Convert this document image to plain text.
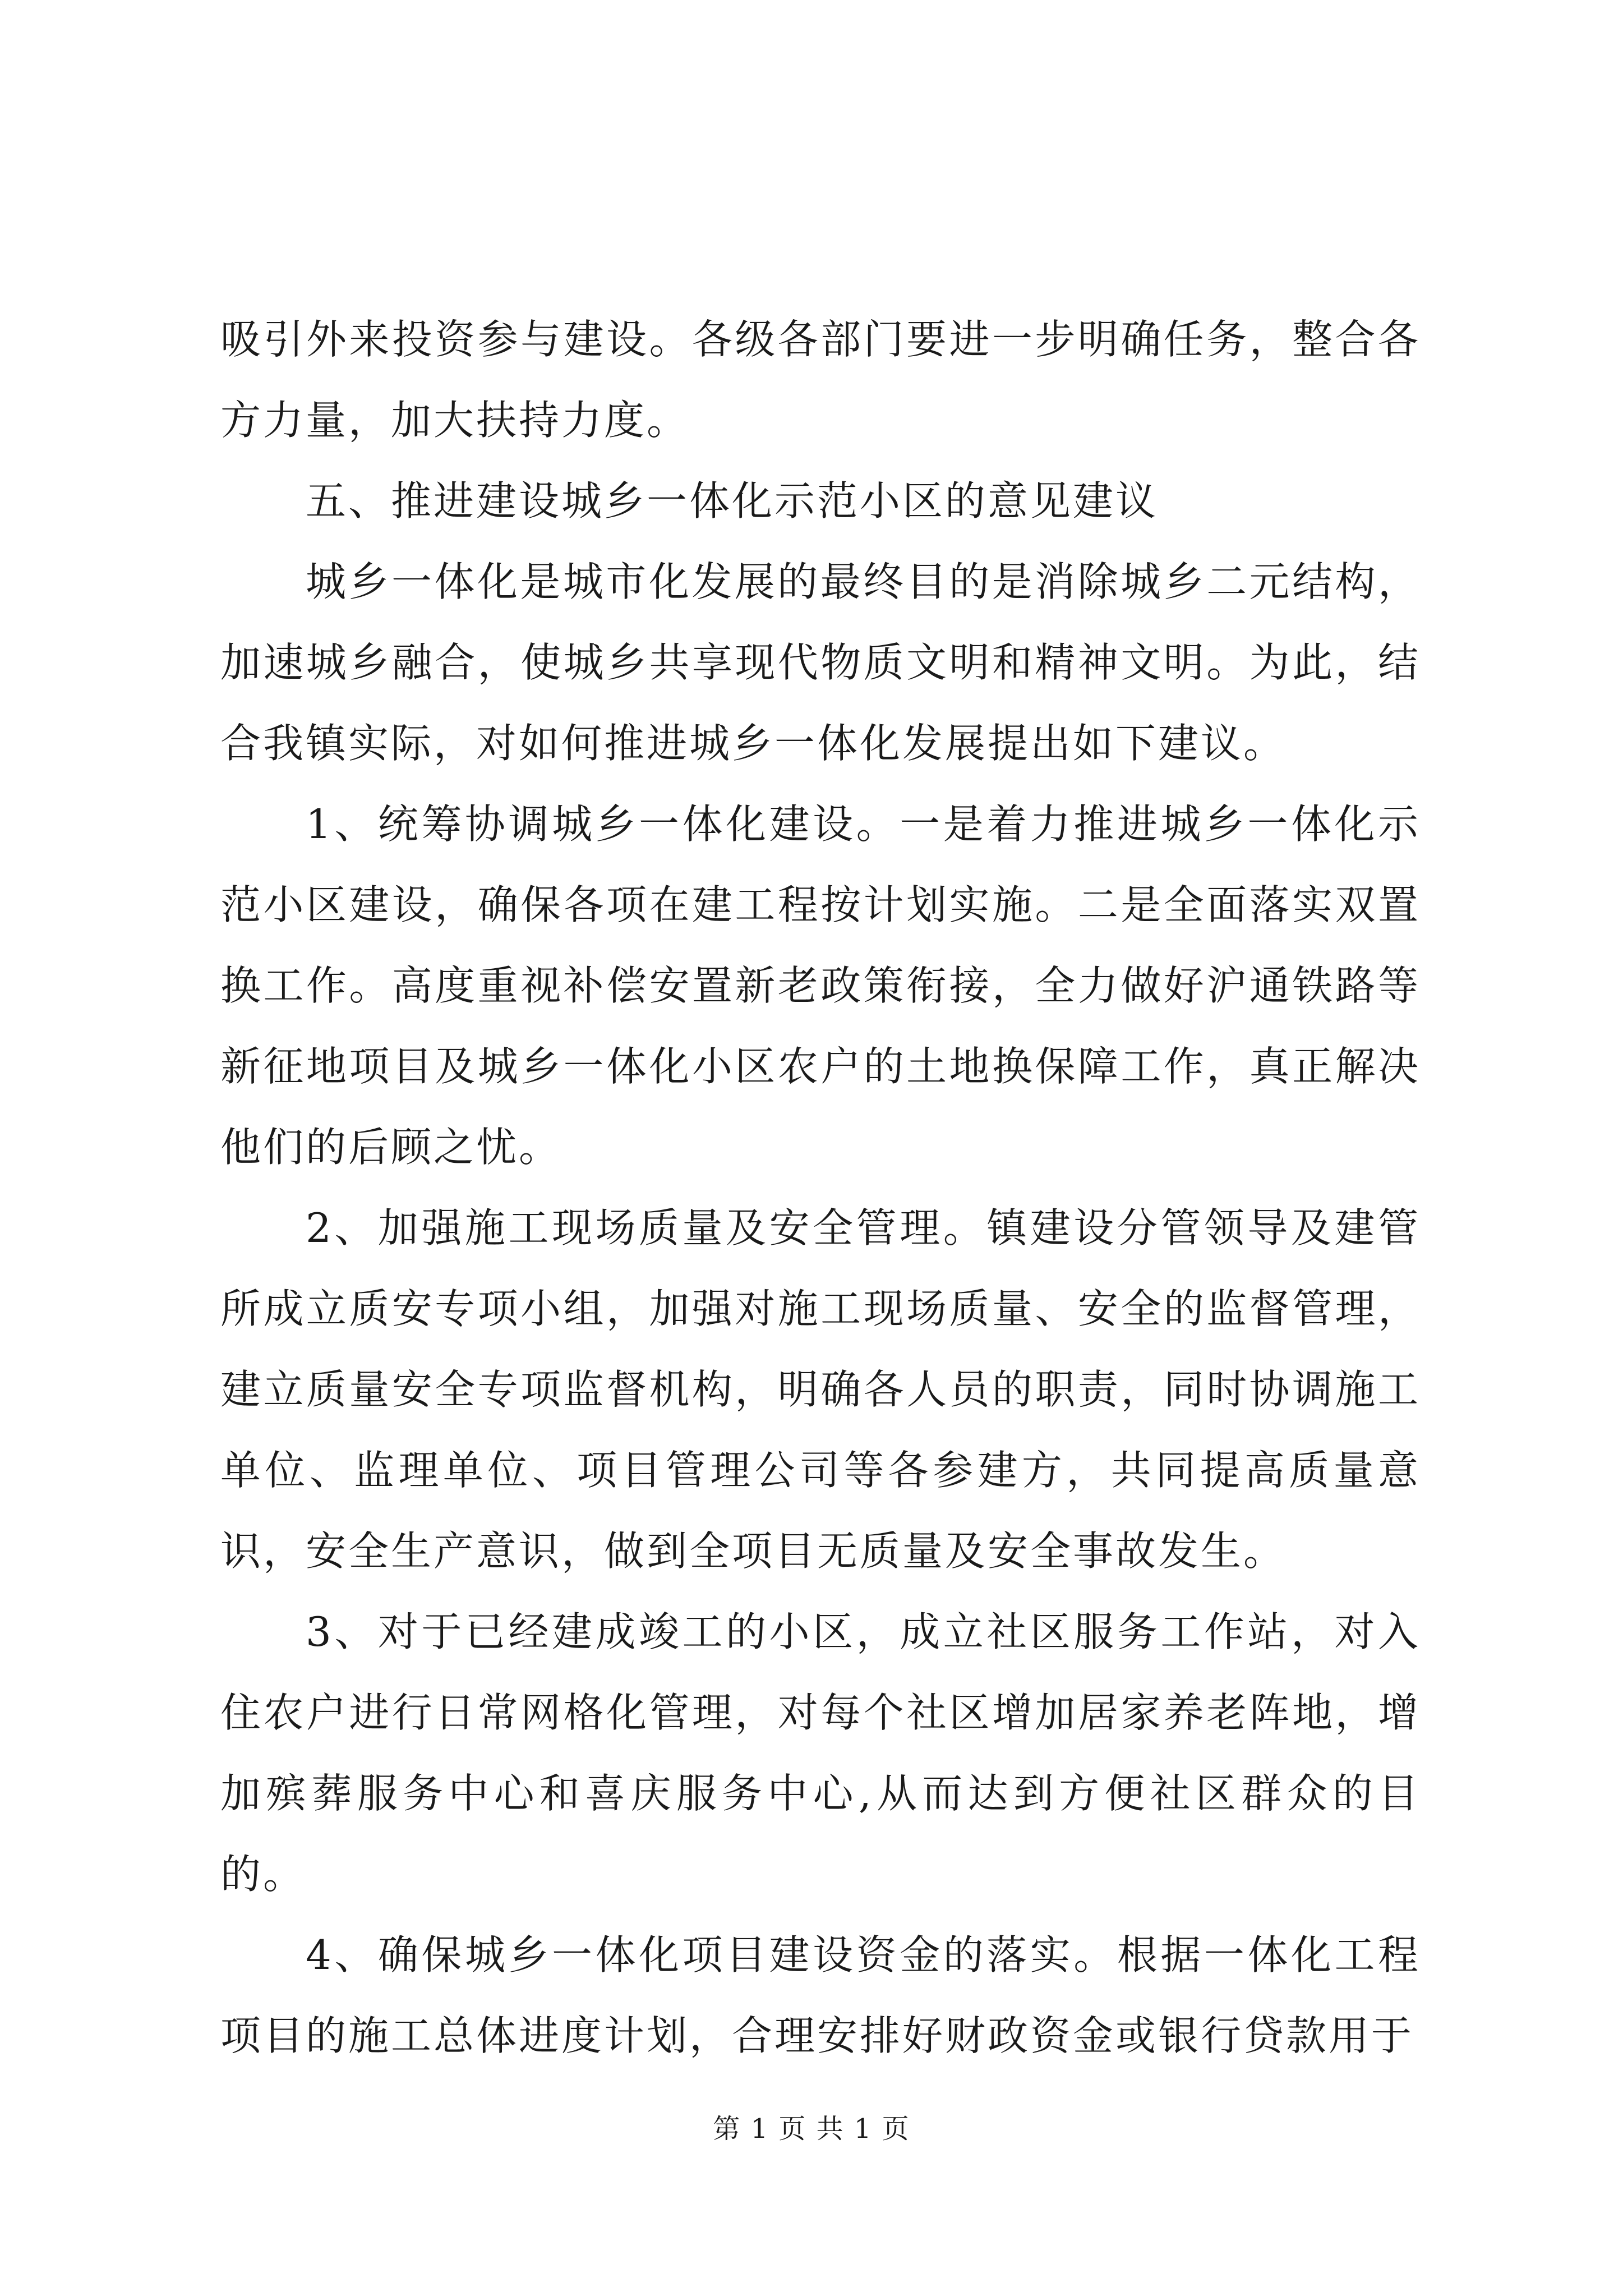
吸引外来投资参与建设。各级各部门要进一步明确任务，整合各方力量，加大扶持力度。

五、推进建设城乡一体化示范小区的意见建议

城乡一体化是城市化发展的最终目的是消除城乡二元结构，加速城乡融合，使城乡共享现代物质文明和精神文明。为此，结合我镇实际，对如何推进城乡一体化发展提出如下建议。

1、统筹协调城乡一体化建设。一是着力推进城乡一体化示范小区建设，确保各项在建工程按计划实施。二是全面落实双置换工作。高度重视补偿安置新老政策衔接，全力做好沪通铁路等新征地项目及城乡一体化小区农户的土地换保障工作，真正解决他们的后顾之忧。

2、加强施工现场质量及安全管理。镇建设分管领导及建管所成立质安专项小组，加强对施工现场质量、安全的监督管理，建立质量安全专项监督机构，明确各人员的职责，同时协调施工单位、监理单位、项目管理公司等各参建方，共同提高质量意识，安全生产意识，做到全项目无质量及安全事故发生。

3、对于已经建成竣工的小区，成立社区服务工作站，对入住农户进行日常网格化管理，对每个社区增加居家养老阵地，增加殡葬服务中心和喜庆服务中心,从而达到方便社区群众的目的。

4、确保城乡一体化项目建设资金的落实。根据一体化工程项目的施工总体进度计划，合理安排好财政资金或银行贷款用于

第 1 页 共 1 页
